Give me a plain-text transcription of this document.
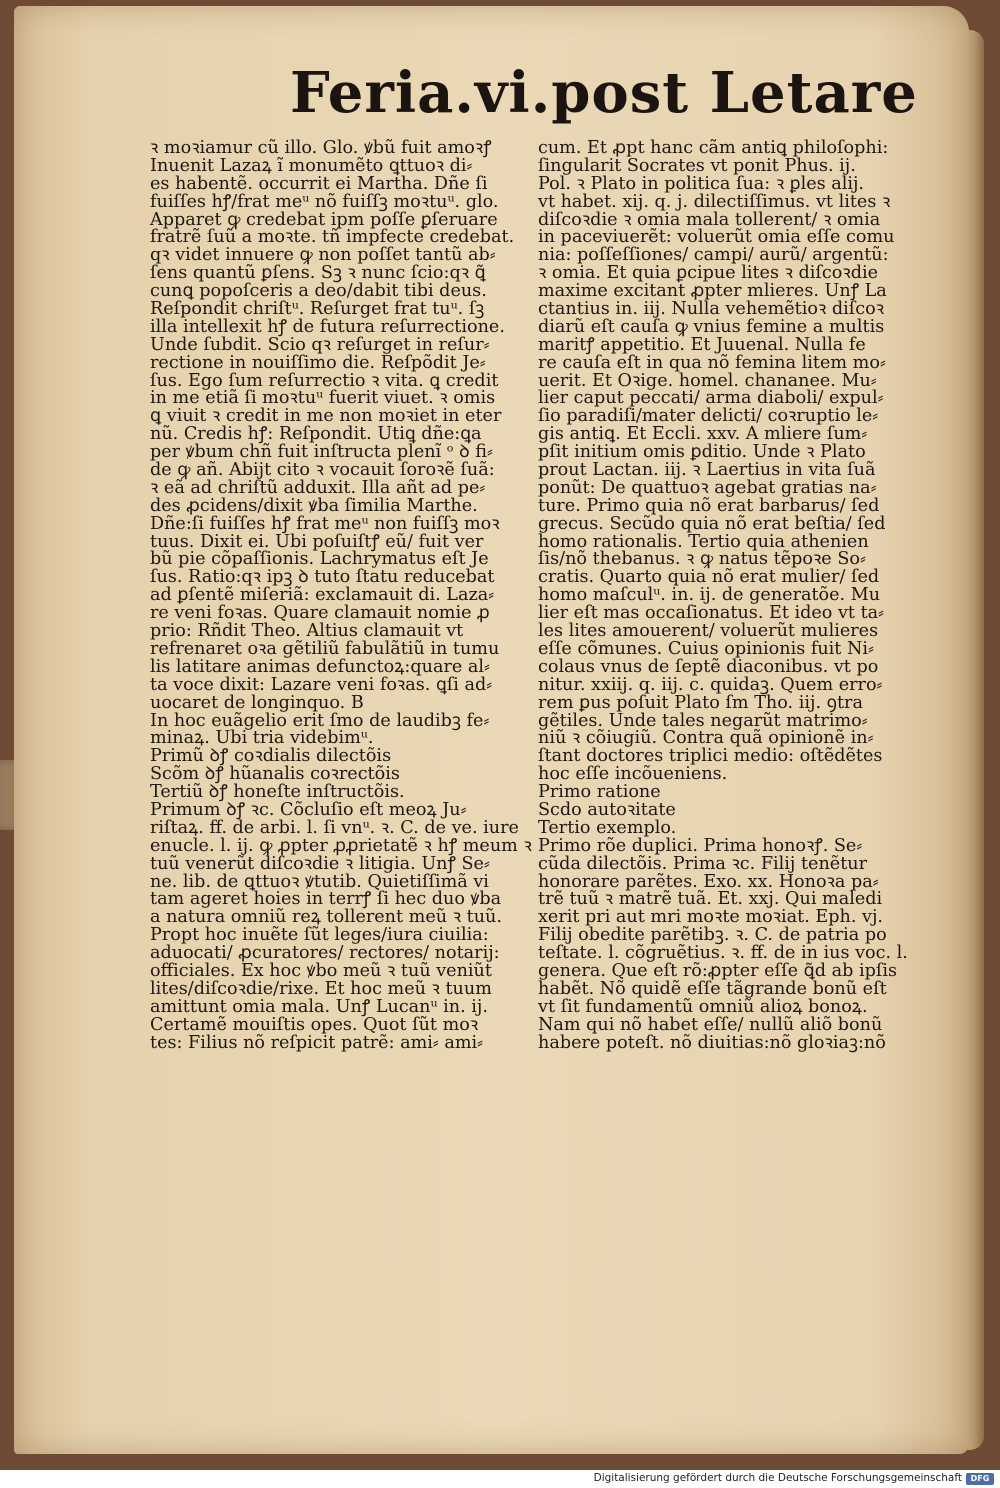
Feria.vi.post Letare
ꝛ moꝛiamur cũ illo. Glo. ꝟbũ fuit amoꝛꝭ
Inuenit Lazaꝝ ĩ monumẽto ꝗttuoꝛ di⸗
es habentẽ. occurrit ei Martha. Dñe ſi
fuiſſes hꝭ/frat meᵘ nõ fuiſſꝫ moꝛtuᵘ. glo.
Apparet ꝙ credebat ipm poſſe ꝑſeruare
fratrẽ ſuũ a moꝛte. tñ impfecte credebat.
qꝛ videt innuere ꝙ non poſſet tantũ ab⸗
ſens quantũ ꝑſens. Sꝫ ꝛ nunc ſcio:qꝛ ꝗ̃
cunꝗ popoſceris a deo/dabit tibi deus.
Reſpondit chriſtᵘ. Reſurget frat tuᵘ. ſꝫ
illa intellexit hꝭ de futura reſurrectione.
Unde ſubdit. Scio qꝛ reſurget in reſur⸗
rectione in nouiſſimo die. Reſpõdit Je⸗
ſus. Ego ſum reſurrectio ꝛ vita. ꝗ credit
in me etiã ſi moꝛtuᵘ fuerit viuet. ꝛ omis
ꝗ viuit ꝛ credit in me non moꝛiet in eter
nũ. Credis hꝭ: Reſpondit. Utiꝗ dñe:ꝗa
per ꝟbum chñ fuit inſtructa plenĩ ᵒ ꝺ fi⸗
de ꝙ añ. Abijt cito ꝛ vocauit ſoroꝛẽ ſuã:
ꝛ eã ad chriſtũ adduxit. Illa añt ad pe⸗
des ꝓcidens/dixit ꝟba ſimilia Marthe.
Dñe:ſi fuiſſes hꝭ frat meᵘ non fuiſſꝫ moꝛ
tuus. Dixit ei. Ubi poſuiſtꝭ eũ/ fuit ver
bũ pie cõpaſſionis. Lachrymatus eſt Je
ſus. Ratio:qꝛ ipꝫ ꝺ tuto ſtatu reducebat
ad ꝑſentẽ miſeriã: exclamauit di. Laza⸗
re veni foꝛas. Quare clamauit nomie ꝓ
prio: Rñdit Theo. Altius clamauit vt
refrenaret oꝛa gẽtiliũ fabulãtiũ in tumu
lis latitare animas defunctoꝝ:quare al⸗
ta voce dixit: Lazare veni foꝛas. ꝗſi ad⸗
uocaret de longinquo. B
In hoc euãgelio erit ſmo de laudibꝫ fe⸗
minaꝝ. Ubi tria videbimᵘ.
Primũ ꝺꝭ coꝛdialis dilectõis
Scõm ꝺꝭ hũanalis coꝛrectõis
Tertiũ ꝺꝭ honeſte inſtructõis.
Primum ꝺꝭ ꝛc. Cõcluſio eſt meoꝝ Ju⸗
riſtaꝝ. ff. de arbi. l. ſi vnᵘ. ꝛ. C. de ve. iure
enucle. l. ij. ꝙ ꝓpter ꝓꝓrietatẽ ꝛ hꝭ meum ꝛ
tuũ venerũt diſcoꝛdie ꝛ litigia. Unꝭ Se⸗
ne. lib. de ꝗttuoꝛ ꝟtutib. Quietiſſimã vi
tam ageret hoies in terrꝭ ſi hec duo ꝟba
a natura omniũ reꝝ tollerent meũ ꝛ tuũ.
Propt hoc inuẽte ſũt leges/iura ciuilia:
aduocati/ ꝓcuratores/ rectores/ notarij:
officiales. Ex hoc ꝟbo meũ ꝛ tuũ veniũt
lites/diſcoꝛdie/rixe. Et hoc meũ ꝛ tuum
amittunt omia mala. Unꝭ Lucanᵘ in. ij.
Certamẽ mouiſtis opes. Quot ſũt moꝛ
tes: Filius nõ reſpicit patrẽ: ami⸗ ami⸗
cum. Et ꝓpt hanc cãm antiꝗ philoſophi:
ſingularit Socrates vt ponit Phus. ij.
Pol. ꝛ Plato in politica ſua: ꝛ ꝑles alij.
vt habet. xij. q. j. dilectiſſimus. vt lites ꝛ
diſcoꝛdie ꝛ omia mala tollerent/ ꝛ omia
in paceviuerẽt: voluerũt omia eſſe comu
nia: poſſeſſiones/ campi/ aurũ/ argentũ:
ꝛ omia. Et quia ꝑcipue lites ꝛ diſcoꝛdie
maxime excitant ꝓpter mlieres. Unꝭ La
ctantius in. iij. Nulla vehemẽtioꝛ diſcoꝛ
diarũ eſt cauſa ꝙ vnius femine a multis
maritꝭ appetitio. Et Juuenal. Nulla fe
re cauſa eſt in qua nõ femina litem mo⸗
uerit. Et Oꝛige. homel. chananee. Mu⸗
lier caput peccati/ arma diaboli/ expul⸗
ſio paradiſi/mater delicti/ coꝛruptio le⸗
gis antiꝗ. Et Eccli. xxv. A mliere ſum⸗
pſit initium omis ꝑditio. Unde ꝛ Plato
prout Lactan. iij. ꝛ Laertius in vita ſuã
ponũt: De quattuoꝛ agebat gratias na⸗
ture. Primo quia nõ erat barbarus/ ſed
grecus. Secũdo quia nõ erat beſtia/ ſed
homo rationalis. Tertio quia athenien
ſis/nõ thebanus. ꝛ ꝙ natus tẽpoꝛe So⸗
cratis. Quarto quia nõ erat mulier/ ſed
homo maſculᵘ. in. ij. de generatõe. Mu
lier eſt mas occaſionatus. Et ideo vt ta⸗
les lites amouerent/ voluerũt mulieres
eſſe cõmunes. Cuius opinionis fuit Ni⸗
colaus vnus de ſeptẽ diaconibus. vt po
nitur. xxiij. q. iij. c. quidaꝫ. Quem erro⸗
rem ꝑus poſuit Plato ſm Tho. iij. ꝯtra
gẽtiles. Unde tales negarũt matrimo⸗
niũ ꝛ cõiugiũ. Contra quã opinionẽ in⸗
ſtant doctores triplici medio: oſtẽdẽtes
hoc eſſe incõueniens.
Primo ratione
Scdo autoꝛitate
Tertio exemplo.
Primo rõe duplici. Prima honoꝛꝭ. Se⸗
cũda dilectõis. Prima ꝛc. Filij tenẽtur
honorare parẽtes. Exo. xx. Honoꝛa pa⸗
trẽ tuũ ꝛ matrẽ tuã. Et. xxj. Qui maledi
xerit pri aut mri moꝛte moꝛiat. Eph. vj.
Filij obedite parẽtibꝫ. ꝛ. C. de patria po
teſtate. l. cõgruẽtius. ꝛ. ff. de in ius voc. l.
genera. Que eſt rõ:ꝓpter eſſe ꝗ̃d ab ipſis
habẽt. Nõ quidẽ eſſe tãgrande bonũ eſt
vt ſit fundamentũ omniũ alioꝝ bonoꝝ.
Nam qui nõ habet eſſe/ nullũ aliõ bonũ
habere poteſt. nõ diuitias:nõ gloꝛiaꝫ:nõ
Digitalisierung gefördert durch die Deutsche Forschungsgemeinschaft	DFG
